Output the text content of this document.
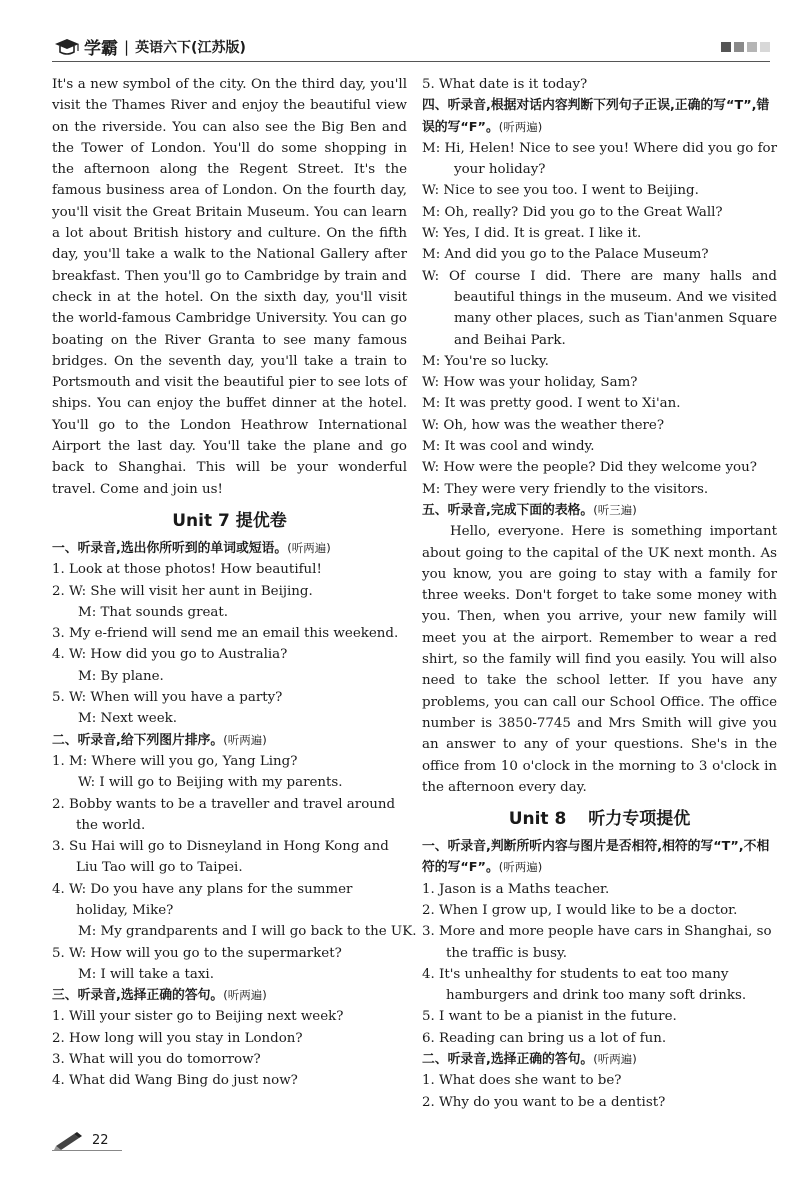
学霸 | 英语六下(江苏版)

It's a new symbol of the city. On the third day, you'll visit the Thames River and enjoy the beautiful view on the riverside. You can also see the Big Ben and the Tower of London. You'll do some shopping in the afternoon along the Regent Street. It's the famous business area of London. On the fourth day, you'll visit the Great Britain Museum. You can learn a lot about British history and culture. On the fifth day, you'll take a walk to the National Gallery after breakfast. Then you'll go to Cambridge by train and check in at the hotel. On the sixth day, you'll visit the world-famous Cambridge University. You can go boating on the River Granta to see many famous bridges. On the seventh day, you'll take a train to Portsmouth and visit the beautiful pier to see lots of ships. You can enjoy the buffet dinner at the hotel. You'll go to the London Heathrow International Airport the last day. You'll take the plane and go back to Shanghai. This will be your wonderful travel. Come and join us!

Unit 7 提优卷
一、听录音,选出你所听到的单词或短语。(听两遍)
1. Look at those photos! How beautiful!
2. W: She will visit her aunt in Beijing.
M: That sounds great.
3. My e-friend will send me an email this weekend.
4. W: How did you go to Australia?
M: By plane.
5. W: When will you have a party?
M: Next week.
二、听录音,给下列图片排序。(听两遍)
1. M: Where will you go, Yang Ling?
W: I will go to Beijing with my parents.
2. Bobby wants to be a traveller and travel around the world.
3. Su Hai will go to Disneyland in Hong Kong and Liu Tao will go to Taipei.
4. W: Do you have any plans for the summer holiday, Mike?
M: My grandparents and I will go back to the UK.
5. W: How will you go to the supermarket?
M: I will take a taxi.
三、听录音,选择正确的答句。(听两遍)
1. Will your sister go to Beijing next week?
2. How long will you stay in London?
3. What will you do tomorrow?
4. What did Wang Bing do just now?
5. What date is it today?
四、听录音,根据对话内容判断下列句子正误,正确的写“T”,错误的写“F”。(听两遍)
M: Hi, Helen! Nice to see you! Where did you go for your holiday?
W: Nice to see you too. I went to Beijing.
M: Oh, really? Did you go to the Great Wall?
W: Yes, I did. It is great. I like it.
M: And did you go to the Palace Museum?
W: Of course I did. There are many halls and beautiful things in the museum. And we visited many other places, such as Tian'anmen Square and Beihai Park.
M: You're so lucky.
W: How was your holiday, Sam?
M: It was pretty good. I went to Xi'an.
W: Oh, how was the weather there?
M: It was cool and windy.
W: How were the people? Did they welcome you?
M: They were very friendly to the visitors.
五、听录音,完成下面的表格。(听三遍)

Hello, everyone. Here is something important about going to the capital of the UK next month. As you know, you are going to stay with a family for three weeks. Don't forget to take some money with you. Then, when you arrive, your new family will meet you at the airport. Remember to wear a red shirt, so the family will find you easily. You will also need to take the school letter. If you have any problems, you can call our School Office. The office number is 3850-7745 and Mrs Smith will give you an answer to any of your questions. She's in the office from 10 o'clock in the morning to 3 o'clock in the afternoon every day.

Unit 8 听力专项提优
一、听录音,判断所听内容与图片是否相符,相符的写“T”,不相符的写“F”。(听两遍)
1. Jason is a Maths teacher.
2. When I grow up, I would like to be a doctor.
3. More and more people have cars in Shanghai, so the traffic is busy.
4. It's unhealthy for students to eat too many hamburgers and drink too many soft drinks.
5. I want to be a pianist in the future.
6. Reading can bring us a lot of fun.
二、听录音,选择正确的答句。(听两遍)
1. What does she want to be?
2. Why do you want to be a dentist?
22
